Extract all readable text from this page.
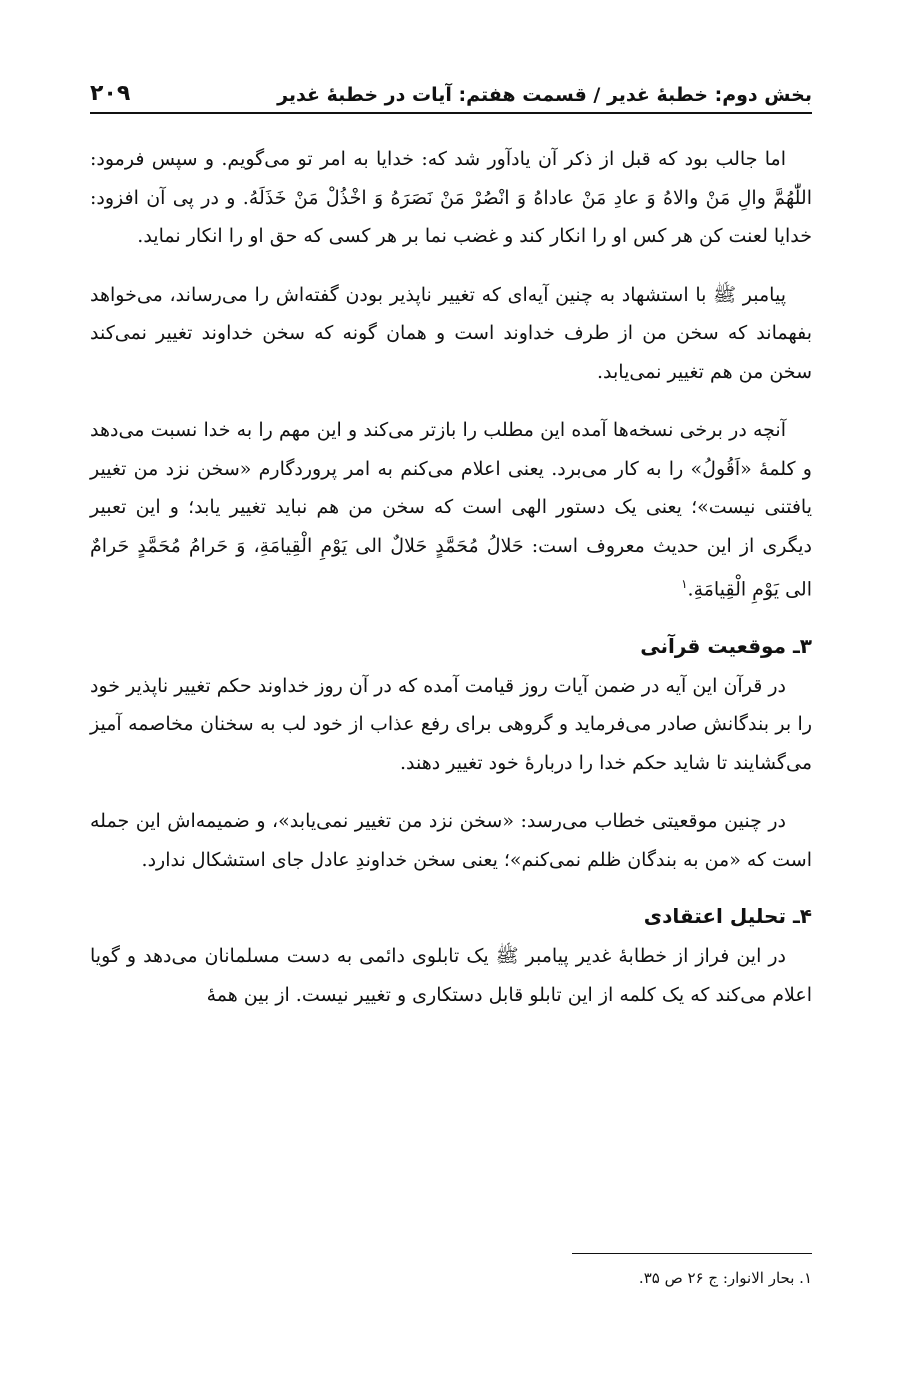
بخش دوم: خطبهٔ غدیر / قسمت هفتم: آیات در خطبهٔ غدیر
۲۰۹

اما جالب بود که قبل از ذکر آن یادآور شد که: خدایا به امر تو می‌گویم. و سپس فرمود: اللّٰهُمَّ والِ مَنْ والاهُ وَ عادِ مَنْ عاداهُ وَ انْصُرْ مَنْ نَصَرَهُ وَ اخْذُلْ مَنْ خَذَلَهُ. و در پی آن افزود: خدایا لعنت کن هر کس او را انکار کند و غضب نما بر هر کسی که حق او را انکار نماید.

پیامبر ﷺ با استشهاد به چنین آیه‌ای که تغییر ناپذیر بودن گفته‌اش را می‌رساند، می‌خواهد بفهماند که سخن من از طرف خداوند است و همان گونه که سخن خداوند تغییر نمی‌کند سخن من هم تغییر نمی‌یابد.

آنچه در برخی نسخه‌ها آمده این مطلب را بازتر می‌کند و این مهم را به خدا نسبت می‌دهد و کلمهٔ «اَقُولُ» را به کار می‌برد. یعنی اعلام می‌کنم به امر پروردگارم «سخن نزد من تغییر یافتنی نیست»؛ یعنی یک دستور الهی است که سخن من هم نباید تغییر یابد؛ و این تعبیر دیگری از این حدیث معروف است: حَلالُ مُحَمَّدٍ حَلالٌ الی یَوْمِ الْقِیامَةِ، وَ حَرامُ مُحَمَّدٍ حَرامٌ الی یَوْمِ الْقِیامَةِ.$^۱$

۳ـ موقعیت قرآنی

در قرآن این آیه در ضمن آیات روز قیامت آمده که در آن روز خداوند حکم تغییر ناپذیر خود را بر بندگانش صادر می‌فرماید و گروهی برای رفع عذاب از خود لب به سخنان مخاصمه آمیز می‌گشایند تا شاید حکم خدا را دربارهٔ خود تغییر دهند.

در چنین موقعیتی خطاب می‌رسد: «سخن نزد من تغییر نمی‌یابد»، و ضمیمه‌اش این جمله است که «من به بندگان ظلم نمی‌کنم»؛ یعنی سخن خداوندِ عادل جای استشکال ندارد.

۴ـ تحلیل اعتقادی

در این فراز از خطابهٔ غدیر پیامبر ﷺ یک تابلوی دائمی به دست مسلمانان می‌دهد و گویا اعلام می‌کند که یک کلمه از این تابلو قابل دستکاری و تغییر نیست. از بین همهٔ

۱. بحار الانوار: ج ۲۶ ص ۳۵.
